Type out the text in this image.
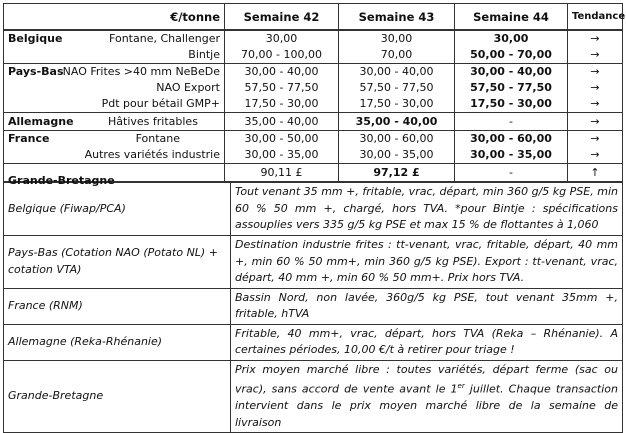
€/tonne	Semaine 42	Semaine 43	Semaine 44	Tendance
Belgique Fontane, Challenger	30,00	30,00	30,00	→

Bintje	70,00 - 100,00	70,00	50,00 - 70,00	→

Pays-Bas NAO Frites >40 mm NeBeDe	30,00 - 40,00	30,00 - 40,00	30,00 - 40,00	→

NAO Export	57,50 - 77,50	57,50 - 77,50	57,50 - 77,50	→

Pdt pour bétail GMP+	17,50 - 30,00	17,50 - 30,00	17,50 - 30,00	→

Allemagne Hâtives fritables	35,00 - 40,00	35,00 - 40,00	-	→

France Fontane	30,00 - 50,00	30,00 - 60,00	30,00 - 60,00	→

Autres variétés industrie	30,00 - 35,00	30,00 - 35,00	30,00 - 35,00	→

Grande-Bretagne	90,11 £	97,12 £	-	↑
Belgique (Fiwap/PCA)	Tout venant 35 mm +, fritable, vrac, départ, min 360 g/5 kg PSE, min 60 % 50 mm +, chargé, hors TVA. *pour Bintje : spécifications assouplies vers 335 g/5 kg PSE et max 15 % de flottantes à 1,060
Pays-Bas (Cotation NAO (Potato NL) + cotation VTA)	Destination industrie frites : tt-venant, vrac, fritable, départ, 40 mm +, min 60 % 50 mm+, min 360 g/5 kg PSE). Export : tt-venant, vrac, départ, 40 mm +, min 60 % 50 mm+. Prix hors TVA.
France (RNM)	Bassin Nord, non lavée, 360g/5 kg PSE, tout venant 35mm +, fritable, hTVA
Allemagne (Reka-Rhénanie)	Fritable, 40 mm+, vrac, départ, hors TVA (Reka – Rhénanie). A certaines périodes, 10,00 €/t à retirer pour triage !
Grande-Bretagne	Prix moyen marché libre : toutes variétés, départ ferme (sac ou vrac), sans accord de vente avant le 1er juillet. Chaque transaction intervient dans le prix moyen marché libre de la semaine de livraison
